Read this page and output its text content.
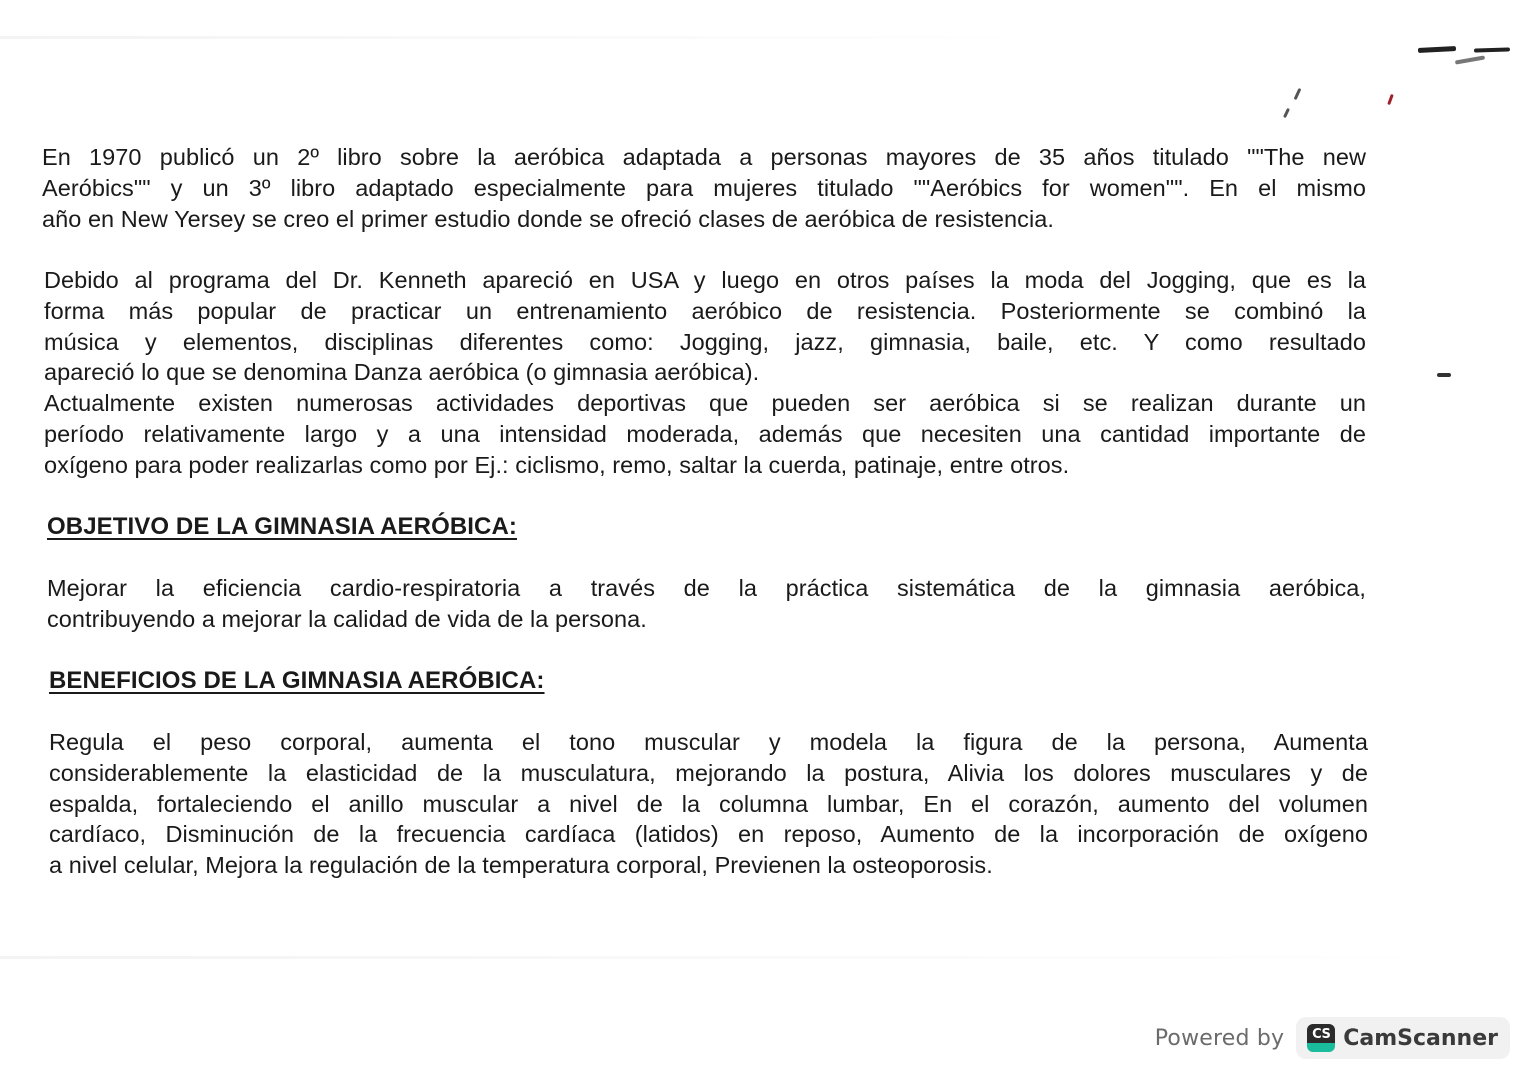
En 1970 publicó un 2º libro sobre la aeróbica adaptada a personas mayores de 35 años titulado ""The new
Aeróbics"" y un 3º libro adaptado especialmente para mujeres titulado ""Aeróbics for women"". En el mismo
año en New Yersey se creo el primer estudio donde se ofreció clases de aeróbica de resistencia.
Debido al programa del Dr. Kenneth apareció en USA y luego en otros países la moda del Jogging, que es la
forma más popular de practicar un entrenamiento aeróbico de resistencia. Posteriormente se combinó la
música y elementos, disciplinas diferentes como: Jogging, jazz, gimnasia, baile, etc. Y como resultado
apareció lo que se denomina Danza aeróbica (o gimnasia aeróbica).
Actualmente existen numerosas actividades deportivas que pueden ser aeróbica si se realizan durante un
período relativamente largo y a una intensidad moderada, además que necesiten una cantidad importante de
oxígeno para poder realizarlas como por Ej.: ciclismo, remo, saltar la cuerda, patinaje, entre otros.
OBJETIVO DE LA GIMNASIA AERÓBICA:
Mejorar la eficiencia cardio-respiratoria a través de la práctica sistemática de la gimnasia aeróbica,
contribuyendo a mejorar la calidad de vida de la persona.
BENEFICIOS DE LA GIMNASIA AERÓBICA:
Regula el peso corporal, aumenta el tono muscular y modela la figura de la persona, Aumenta
considerablemente la elasticidad de la musculatura, mejorando la postura, Alivia los dolores musculares y de
espalda, fortaleciendo el anillo muscular a nivel de la columna lumbar, En el corazón, aumento del volumen
cardíaco, Disminución de la frecuencia cardíaca (latidos) en reposo, Aumento de la incorporación de oxígeno
a nivel celular, Mejora la regulación de la temperatura corporal, Previenen la osteoporosis.
Powered by	CS CamScanner
